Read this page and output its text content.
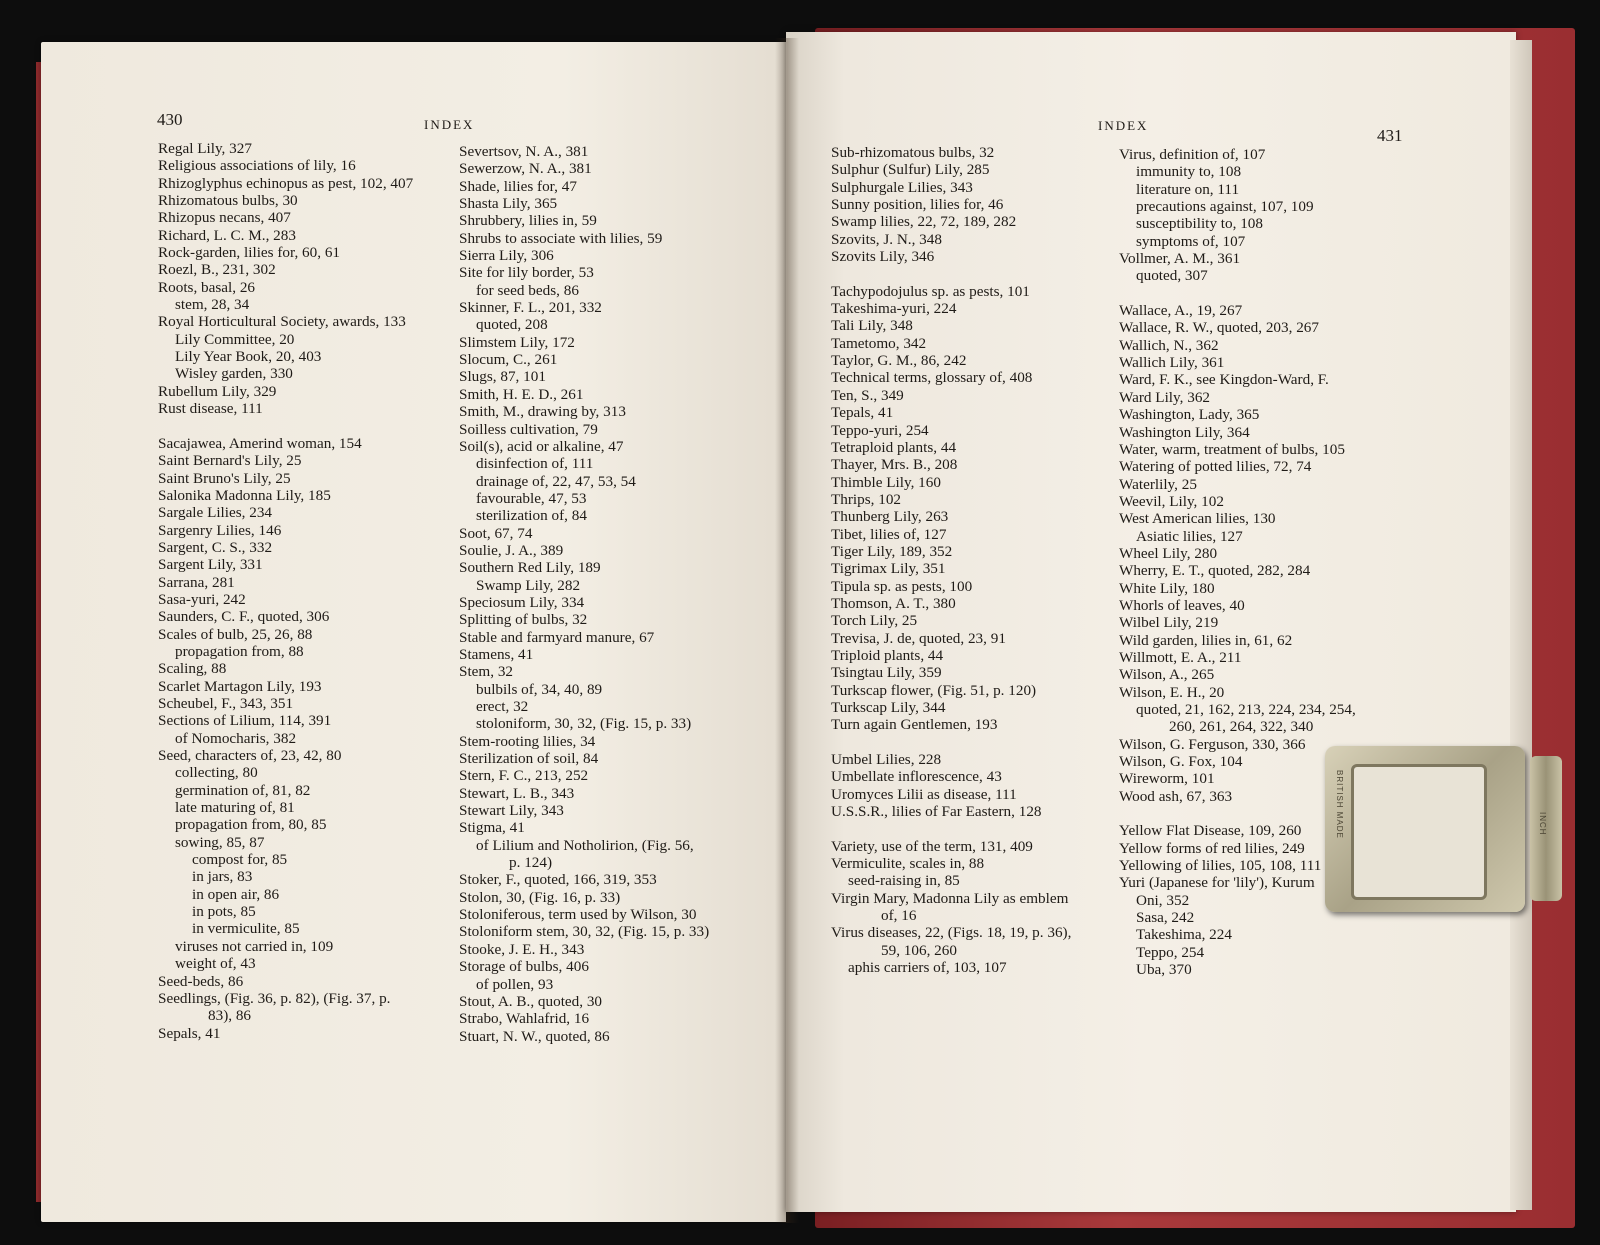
430	INDEX
Regal Lily, 327
Religious associations of lily, 16
Rhizoglyphus echinopus as pest, 102, 407
Rhizomatous bulbs, 30
Rhizopus necans, 407
Richard, L. C. M., 283
Rock-garden, lilies for, 60, 61
Roezl, B., 231, 302
Roots, basal, 26
stem, 28, 34
Royal Horticultural Society, awards, 133
Lily Committee, 20
Lily Year Book, 20, 403
Wisley garden, 330
Rubellum Lily, 329
Rust disease, 111
Sacajawea, Amerind woman, 154
Saint Bernard's Lily, 25
Saint Bruno's Lily, 25
Salonika Madonna Lily, 185
Sargale Lilies, 234
Sargenry Lilies, 146
Sargent, C. S., 332
Sargent Lily, 331
Sarrana, 281
Sasa-yuri, 242
Saunders, C. F., quoted, 306
Scales of bulb, 25, 26, 88
propagation from, 88
Scaling, 88
Scarlet Martagon Lily, 193
Scheubel, F., 343, 351
Sections of Lilium, 114, 391
of Nomocharis, 382
Seed, characters of, 23, 42, 80
collecting, 80
germination of, 81, 82
late maturing of, 81
propagation from, 80, 85
sowing, 85, 87
compost for, 85
in jars, 83
in open air, 86
in pots, 85
in vermiculite, 85
viruses not carried in, 109
weight of, 43
Seed-beds, 86
Seedlings, (Fig. 36, p. 82), (Fig. 37, p.
83), 86
Sepals, 41
Severtsov, N. A., 381
Sewerzow, N. A., 381
Shade, lilies for, 47
Shasta Lily, 365
Shrubbery, lilies in, 59
Shrubs to associate with lilies, 59
Sierra Lily, 306
Site for lily border, 53
for seed beds, 86
Skinner, F. L., 201, 332
quoted, 208
Slimstem Lily, 172
Slocum, C., 261
Slugs, 87, 101
Smith, H. E. D., 261
Smith, M., drawing by, 313
Soilless cultivation, 79
Soil(s), acid or alkaline, 47
disinfection of, 111
drainage of, 22, 47, 53, 54
favourable, 47, 53
sterilization of, 84
Soot, 67, 74
Soulie, J. A., 389
Southern Red Lily, 189
Swamp Lily, 282
Speciosum Lily, 334
Splitting of bulbs, 32
Stable and farmyard manure, 67
Stamens, 41
Stem, 32
bulbils of, 34, 40, 89
erect, 32
stoloniform, 30, 32, (Fig. 15, p. 33)
Stem-rooting lilies, 34
Sterilization of soil, 84
Stern, F. C., 213, 252
Stewart, L. B., 343
Stewart Lily, 343
Stigma, 41
of Lilium and Notholirion, (Fig. 56,
p. 124)
Stoker, F., quoted, 166, 319, 353
Stolon, 30, (Fig. 16, p. 33)
Stoloniferous, term used by Wilson, 30
Stoloniform stem, 30, 32, (Fig. 15, p. 33)
Stooke, J. E. H., 343
Storage of bulbs, 406
of pollen, 93
Stout, A. B., quoted, 30
Strabo, Wahlafrid, 16
Stuart, N. W., quoted, 86
INDEX
431
Sub-rhizomatous bulbs, 32
Sulphur (Sulfur) Lily, 285
Sulphurgale Lilies, 343
Sunny position, lilies for, 46
Swamp lilies, 22, 72, 189, 282
Szovits, J. N., 348
Szovits Lily, 346
Tachypodojulus sp. as pests, 101
Takeshima-yuri, 224
Tali Lily, 348
Tametomo, 342
Taylor, G. M., 86, 242
Technical terms, glossary of, 408
Ten, S., 349
Tepals, 41
Teppo-yuri, 254
Tetraploid plants, 44
Thayer, Mrs. B., 208
Thimble Lily, 160
Thrips, 102
Thunberg Lily, 263
Tibet, lilies of, 127
Tiger Lily, 189, 352
Tigrimax Lily, 351
Tipula sp. as pests, 100
Thomson, A. T., 380
Torch Lily, 25
Trevisa, J. de, quoted, 23, 91
Triploid plants, 44
Tsingtau Lily, 359
Turkscap flower, (Fig. 51, p. 120)
Turkscap Lily, 344
Turn again Gentlemen, 193
Umbel Lilies, 228
Umbellate inflorescence, 43
Uromyces Lilii as disease, 111
U.S.S.R., lilies of Far Eastern, 128
Variety, use of the term, 131, 409
Vermiculite, scales in, 88
seed-raising in, 85
Virgin Mary, Madonna Lily as emblem
of, 16
Virus diseases, 22, (Figs. 18, 19, p. 36),
59, 106, 260
aphis carriers of, 103, 107
Virus, definition of, 107
immunity to, 108
literature on, 111
precautions against, 107, 109
susceptibility to, 108
symptoms of, 107
Vollmer, A. M., 361
quoted, 307
Wallace, A., 19, 267
Wallace, R. W., quoted, 203, 267
Wallich, N., 362
Wallich Lily, 361
Ward, F. K., see Kingdon-Ward, F.
Ward Lily, 362
Washington, Lady, 365
Washington Lily, 364
Water, warm, treatment of bulbs, 105
Watering of potted lilies, 72, 74
Waterlily, 25
Weevil, Lily, 102
West American lilies, 130
Asiatic lilies, 127
Wheel Lily, 280
Wherry, E. T., quoted, 282, 284
White Lily, 180
Whorls of leaves, 40
Wilbel Lily, 219
Wild garden, lilies in, 61, 62
Willmott, E. A., 211
Wilson, A., 265
Wilson, E. H., 20
quoted, 21, 162, 213, 224, 234, 254,
260, 261, 264, 322, 340
Wilson, G. Ferguson, 330, 366
Wilson, G. Fox, 104
Wireworm, 101
Wood ash, 67, 363
Yellow Flat Disease, 109, 260
Yellow forms of red lilies, 249
Yellowing of lilies, 105, 108, 111
Yuri (Japanese for 'lily'), Kurum
Oni, 352
Sasa, 242
Takeshima, 224
Teppo, 254
Uba, 370
BRITISH MADE	INCH
